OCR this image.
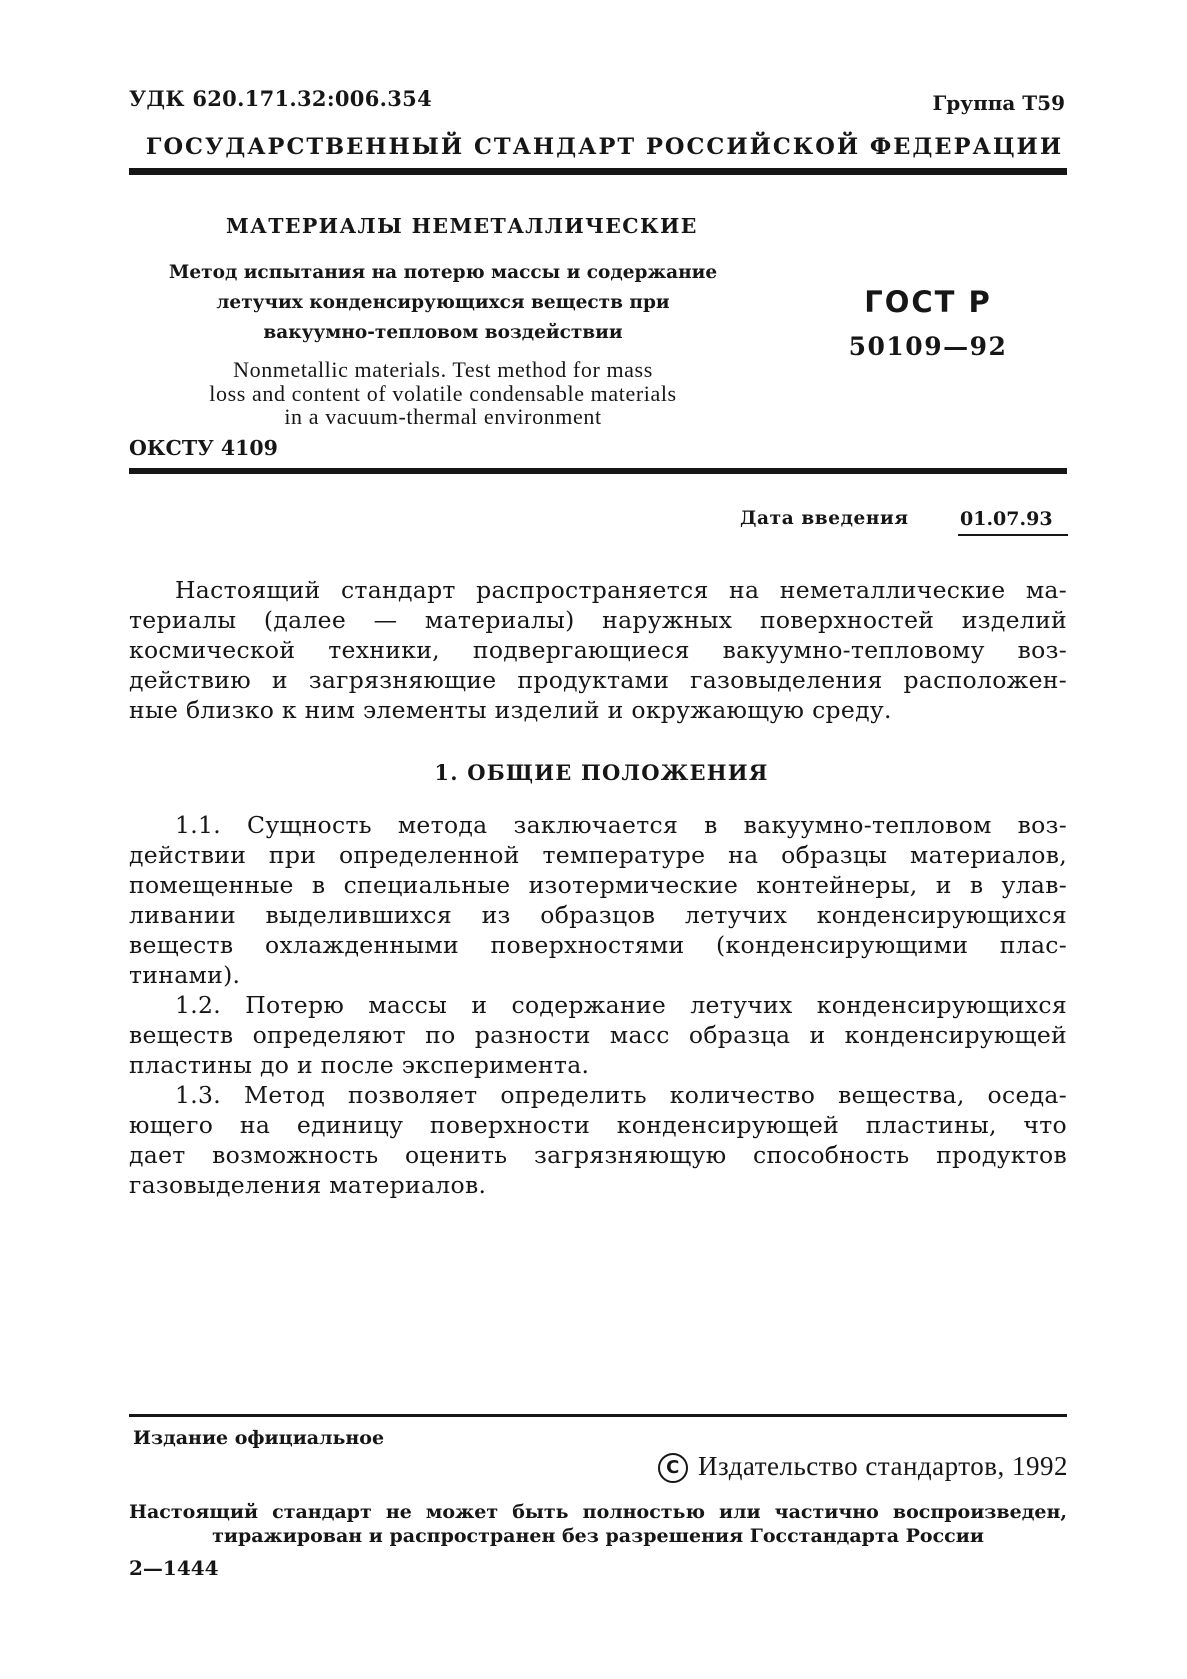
УДК 620.171.32:006.354	Группа Т59
ГОСУДАРСТВЕННЫЙ СТАНДАРТ РОССИЙСКОЙ ФЕДЕРАЦИИ
МАТЕРИАЛЫ НЕМЕТАЛЛИЧЕСКИЕ
Метод испытания на потерю массы и содержание
летучих конденсирующихся веществ при
вакуумно-тепловом воздействии
ГОСТ Р
50109—92
Nonmetallic materials. Test method for mass
loss and content of volatile condensable materials
in a vacuum-thermal environment
ОКСТУ 4109
Дата введения	01.07.93
Настоящий стандарт распространяется на неметаллические ма-
териалы (далее — материалы) наружных поверхностей изделий
космической техники, подвергающиеся вакуумно-тепловому воз-
действию и загрязняющие продуктами газовыделения расположен-
ные близко к ним элементы изделий и окружающую среду.
1. ОБЩИЕ ПОЛОЖЕНИЯ
1.1. Сущность метода заключается в вакуумно-тепловом воз-
действии при определенной температуре на образцы материалов,
помещенные в специальные изотермические контейнеры, и в улав-
ливании выделившихся из образцов летучих конденсирующихся
веществ охлажденными поверхностями (конденсирующими плас-
тинами).
1.2. Потерю массы и содержание летучих конденсирующихся
веществ определяют по разности масс образца и конденсирующей
пластины до и после эксперимента.
1.3. Метод позволяет определить количество вещества, оседа-
ющего на единицу поверхности конденсирующей пластины, что
дает возможность оценить загрязняющую способность продуктов
газовыделения материалов.
Издание официальное
C Издательство стандартов, 1992
Настоящий стандарт не может быть полностью или частично воспроизведен,
тиражирован и распространен без разрешения Госстандарта России
2—1444
